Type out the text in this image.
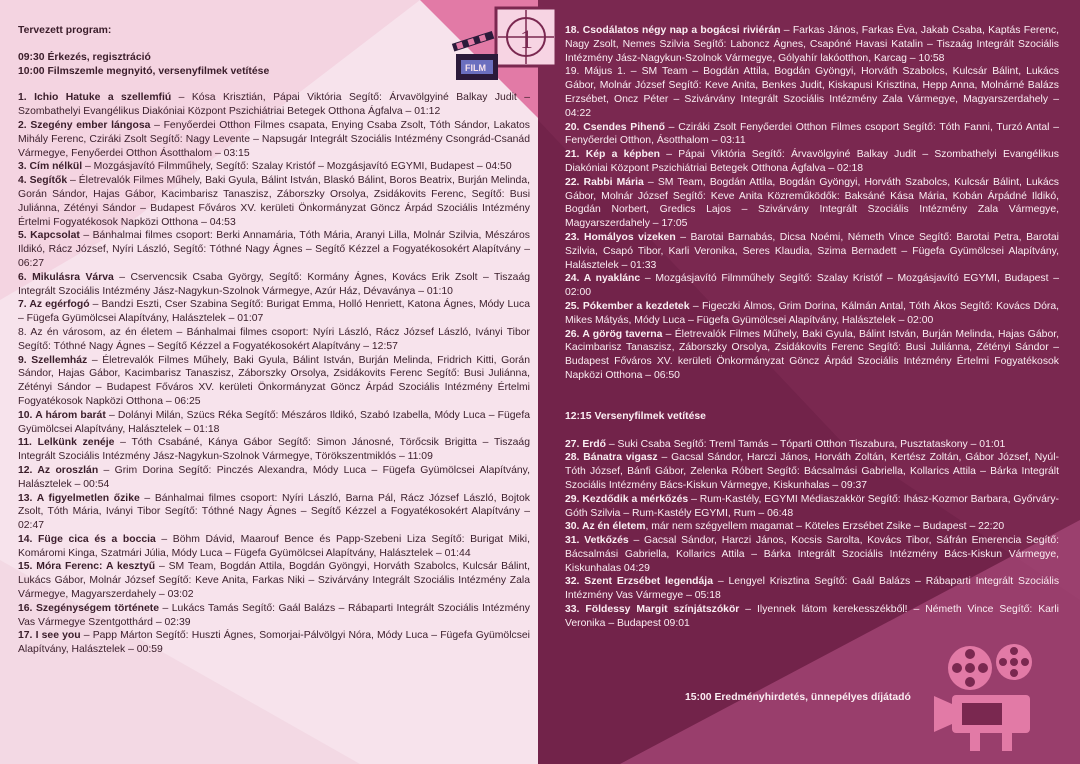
1
FILM

Tervezett program:

09:30 Érkezés, regisztráció

10:00 Filmszemle megnyitó, versenyfilmek vetítése

1. Ichio Hatuke a szellemfiú – Kósa Krisztián, Pápai Viktória Segítő: Árvavölgyiné Balkay Judit – Szombathelyi Evangélikus Diakóniai Központ Pszichiátriai Betegek Otthona Ágfalva – 01:12

2. Szegény ember lángosa – Fenyőerdei Otthon Filmes csapata, Enying Csaba Zsolt, Tóth Sándor, Lakatos Mihály Ferenc, Cziráki Zsolt Segítő: Nagy Levente – Napsugár Integrált Szociális Intézmény Csongrád-Csanád Vármegye, Fenyőerdei Otthon Ásotthalom – 03:15

3. Cím nélkül – Mozgásjavító Filmműhely, Segítő: Szalay Kristóf – Mozgásjavító EGYMI, Budapest – 04:50

4. Segítők – Életrevalók Filmes Műhely, Baki Gyula, Bálint István, Blaskó Bálint, Boros Beatrix, Burján Melinda, Gorán Sándor, Hajas Gábor, Kacimbarisz Tanaszisz, Záborszky Orsolya, Zsidákovits Ferenc, Segítő: Busi Juliánna, Zétényi Sándor – Budapest Főváros XV. kerületi Önkormányzat Göncz Árpád Szociális Intézmény Értelmi Fogyatékosok Napközi Otthona – 04:53

5. Kapcsolat – Bánhalmai filmes csoport: Berki Annamária, Tóth Mária, Aranyi Lilla, Molnár Szilvia, Mészáros Ildikó, Rácz József, Nyíri László, Segítő: Tóthné Nagy Ágnes – Segítő Kézzel a Fogyatékosokért Alapítvány – 06:27

6. Mikulásra Várva – Cservencsik Csaba György, Segítő: Kormány Ágnes, Kovács Erik Zsolt – Tiszaág Integrált Szociális Intézmény Jász-Nagykun-Szolnok Vármegye, Azúr Ház, Dévaványa – 01:10

7. Az egérfogó – Bandzi Eszti, Cser Szabina Segítő: Burigat Emma, Holló Henriett, Katona Ágnes, Módy Luca – Fügefa Gyümölcsei Alapítvány, Halásztelek – 01:07

8. Az én városom, az én életem – Bánhalmai filmes csoport: Nyíri László, Rácz József László, Iványi Tibor Segítő: Tóthné Nagy Ágnes – Segítő Kézzel a Fogyatékosokért Alapítvány – 12:57

9. Szellemház – Életrevalók Filmes Műhely, Baki Gyula, Bálint István, Burján Melinda, Fridrich Kitti, Gorán Sándor, Hajas Gábor, Kacimbarisz Tanaszisz, Záborszky Orsolya, Zsidákovits Ferenc Segítő: Busi Juliánna, Zétényi Sándor – Budapest Főváros XV. kerületi Önkormányzat Göncz Árpád Szociális Intézmény Értelmi Fogyatékosok Napközi Otthona – 06:25

10. A három barát – Dolányi Milán, Szücs Réka Segítő: Mészáros Ildikó, Szabó Izabella, Módy Luca – Fügefa Gyümölcsei Alapítvány, Halásztelek – 01:18

11. Lelkünk zenéje – Tóth Csabáné, Kánya Gábor Segítő: Simon Jánosné, Törőcsik Brigitta – Tiszaág Integrált Szociális Intézmény Jász-Nagykun-Szolnok Vármegye, Törökszentmiklós – 11:09

12. Az oroszlán – Grim Dorina Segítő: Pinczés Alexandra, Módy Luca – Fügefa Gyümölcsei Alapítvány, Halásztelek – 00:54

13. A figyelmetlen őzike – Bánhalmai filmes csoport: Nyíri László, Barna Pál, Rácz József László, Bojtok Zsolt, Tóth Mária, Iványi Tibor Segítő: Tóthné Nagy Ágnes – Segítő Kézzel a Fogyatékosokért Alapítvány – 02:47

14. Füge cica és a boccia – Böhm Dávid, Maarouf Bence és Papp-Szebeni Liza Segítő: Burigat Miki, Komáromi Kinga, Szatmári Júlia, Módy Luca – Fügefa Gyümölcsei Alapítvány, Halásztelek – 01:44

15. Móra Ferenc: A kesztyű – SM Team, Bogdán Attila, Bogdán Gyöngyi, Horváth Szabolcs, Kulcsár Bálint, Lukács Gábor, Molnár József Segítő: Keve Anita, Farkas Niki – Szivárvány Integrált Szociális Intézmény Zala Vármegye, Magyarszerdahely – 03:02

16. Szegénységem története – Lukács Tamás Segítő: Gaál Balázs – Rábaparti Integrált Szociális Intézmény Vas Vármegye Szentgotthárd – 02:39

17. I see you – Papp Márton Segítő: Huszti Ágnes, Somorjai-Pálvölgyi Nóra, Módy Luca – Fügefa Gyümölcsei Alapítvány, Halásztelek – 00:59

18. Csodálatos négy nap a bogácsi riviérán – Farkas János, Farkas Éva, Jakab Csaba, Kaptás Ferenc, Nagy Zsolt, Nemes Szilvia Segítő: Laboncz Ágnes, Csapóné Havasi Katalin – Tiszaág Integrált Szociális Intézmény Jász-Nagykun-Szolnok Vármegye, Gólyahír lakóotthon, Karcag – 10:58

19. Május 1. – SM Team – Bogdán Attila, Bogdán Gyöngyi, Horváth Szabolcs, Kulcsár Bálint, Lukács Gábor, Molnár József Segítő: Keve Anita, Benkes Judit, Kiskapusi Krisztina, Hepp Anna, Molnárné Balázs Erzsébet, Oncz Péter – Szivárvány Integrált Szociális Intézmény Zala Vármegye, Magyarszerdahely – 04:22

20. Csendes Pihenő – Cziráki Zsolt Fenyőerdei Otthon Filmes csoport Segítő: Tóth Fanni, Turzó Antal – Fenyőerdei Otthon, Ásotthalom – 03:11

21. Kép a képben – Pápai Viktória Segítő: Árvavölgyiné Balkay Judit – Szombathelyi Evangélikus Diakóniai Központ Pszichiátriai Betegek Otthona Ágfalva – 02:18

22. Rabbi Mária – SM Team, Bogdán Attila, Bogdán Gyöngyi, Horváth Szabolcs, Kulcsár Bálint, Lukács Gábor, Molnár József Segítő: Keve Anita Közreműködők: Baksáné Kása Mária, Kobán Árpádné Ildikó, Bogdán Norbert, Gredics Lajos – Szivárvány Integrált Szociális Intézmény Zala Vármegye, Magyarszerdahely – 17:05

23. Homályos vizeken – Barotai Barnabás, Dicsa Noémi, Németh Vince Segítő: Barotai Petra, Barotai Szilvia, Csapó Tibor, Karli Veronika, Seres Klaudia, Szima Bernadett – Fügefa Gyümölcsei Alapítvány, Halásztelek – 01:33

24. A nyaklánc – Mozgásjavító Filmműhely Segítő: Szalay Kristóf – Mozgásjavító EGYMI, Budapest – 02:00

25. Pókember a kezdetek – Figeczki Álmos, Grim Dorina, Kálmán Antal, Tóth Ákos Segítő: Kovács Dóra, Mikes Mátyás, Módy Luca – Fügefa Gyümölcsei Alapítvány, Halásztelek – 02:00

26. A görög taverna – Életrevalók Filmes Műhely, Baki Gyula, Bálint István, Burján Melinda, Hajas Gábor, Kacimbarisz Tanaszisz, Záborszky Orsolya, Zsidákovits Ferenc Segítő: Busi Juliánna, Zétényi Sándor – Budapest Főváros XV. kerületi Önkormányzat Göncz Árpád Szociális Intézmény Értelmi Fogyatékosok Napközi Otthona – 06:50

12:15 Versenyfilmek vetítése

27. Erdő – Suki Csaba Segítő: Treml Tamás – Tóparti Otthon Tiszabura, Pusztataskony – 01:01

28. Bánatra vigasz – Gacsal Sándor, Harczi János, Horváth Zoltán, Kertész Zoltán, Gábor József, Nyúl-Tóth József, Bánfi Gábor, Zelenka Róbert Segítő: Bácsalmási Gabriella, Kollarics Attila – Bárka Integrált Szociális Intézmény Bács-Kiskun Vármegye, Kiskunhalas – 09:37

29. Kezdődik a mérkőzés – Rum-Kastély, EGYMI Médiaszakkör Segítő: Ihász-Kozmor Barbara, Győrváry-Góth Szilvia – Rum-Kastély EGYMI, Rum – 06:48

30. Az én életem, már nem szégyellem magamat – Köteles Erzsébet Zsike – Budapest – 22:20

31. Vetkőzés – Gacsal Sándor, Harczi János, Kocsis Sarolta, Kovács Tibor, Sáfrán Emerencia Segítő: Bácsalmási Gabriella, Kollarics Attila – Bárka Integrált Szociális Intézmény Bács-Kiskun Vármegye, Kiskunhalas 04:29

32. Szent Erzsébet legendája – Lengyel Krisztina Segítő: Gaál Balázs – Rábaparti Integrált Szociális Intézmény Vas Vármegye – 05:18

33. Földessy Margit színjátszókör – Ilyennek látom kerekesszékből! – Németh Vince Segítő: Karli Veronika – Budapest 09:01

15:00 Eredményhirdetés, ünnepélyes díjátadó
